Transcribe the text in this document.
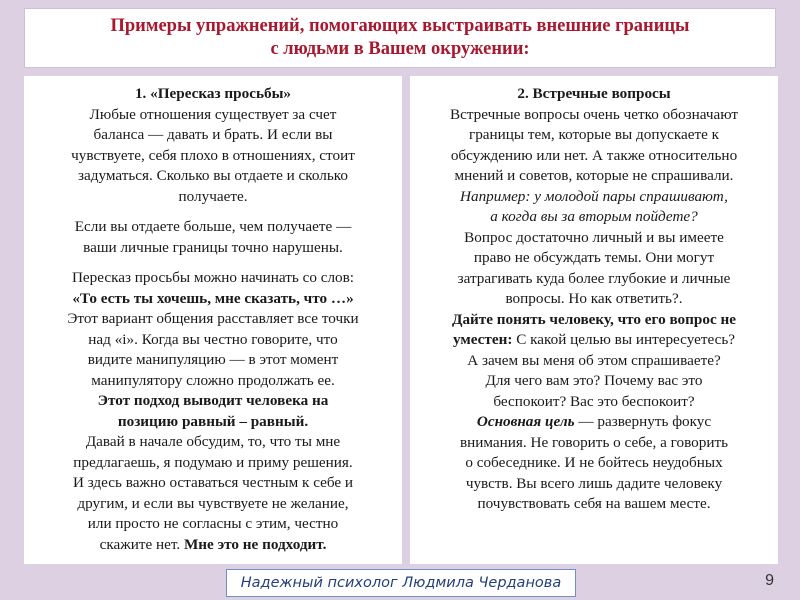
Примеры упражнений, помогающих выстраивать внешние границы
с людьми в Вашем окружении:

1. «Пересказ просьбы»

Любые отношения существует за счет

баланса — давать и брать. И если вы

чувствуете, себя плохо в отношениях, стоит

задуматься. Сколько вы отдаете и сколько

получаете.

Если вы отдаете больше, чем получаете —

ваши личные границы точно нарушены.

Пересказ просьбы можно начинать со слов:

«То есть ты хочешь, мне сказать, что …»

Этот вариант общения расставляет все точки

над «i». Когда вы честно говорите, что

видите манипуляцию — в этот момент

манипулятору сложно продолжать ее.

Этот подход выводит человека на

позицию равный – равный.

Давай в начале обсудим, то, что ты мне

предлагаешь, я подумаю и приму решения.

И здесь важно оставаться честным к себе и

другим, и если вы чувствуете не желание,

или просто не согласны с этим, честно

скажите нет. Мне это не подходит.

2. Встречные вопросы

Встречные вопросы очень четко обозначают

границы тем, которые вы допускаете к

обсуждению или нет. А также относительно

мнений и советов, которые не спрашивали.

Например: у молодой пары спрашивают,

а когда вы за вторым пойдете?

Вопрос достаточно личный и вы имеете

право не обсуждать темы. Они могут

затрагивать куда более глубокие и личные

вопросы. Но как ответить?.

Дайте понять человеку, что его вопрос не

уместен: С какой целью вы интересуетесь?

А зачем вы меня об этом спрашиваете?

Для чего вам это? Почему вас это

беспокоит? Вас это беспокоит?

Основная цель — развернуть фокус

внимания. Не говорить о себе, а говорить

о собеседнике. И не бойтесь неудобных

чувств. Вы всего лишь дадите человеку

почувствовать себя на вашем месте.

Надежный психолог Людмила Черданова	9
